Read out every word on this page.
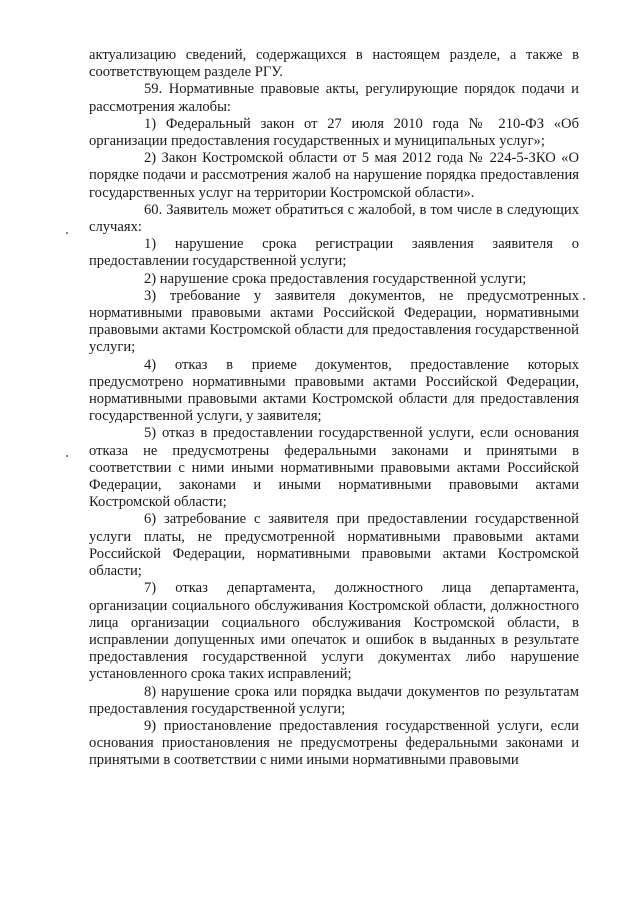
актуализацию сведений, содержащихся в настоящем разделе, а также в соответствующем разделе РГУ.

59. Нормативные правовые акты, регулирующие порядок подачи и рассмотрения жалобы:

1) Федеральный закон от 27 июля 2010 года № 210-ФЗ «Об организации предоставления государственных и муниципальных услуг»;

2) Закон Костромской области от 5 мая 2012 года № 224-5-ЗКО «О порядке подачи и рассмотрения жалоб на нарушение порядка предоставления государственных услуг на территории Костромской области».

60. Заявитель может обратиться с жалобой, в том числе в следующих случаях:

1) нарушение срока регистрации заявления заявителя о предоставлении государственной услуги;

2) нарушение срока предоставления государственной услуги;

3) требование у заявителя документов, не предусмотренных нормативными правовыми актами Российской Федерации, нормативными правовыми актами Костромской области для предоставления государственной услуги;

4) отказ в приеме документов, предоставление которых предусмотрено нормативными правовыми актами Российской Федерации, нормативными правовыми актами Костромской области для предоставления государственной услуги, у заявителя;

5) отказ в предоставлении государственной услуги, если основания отказа не предусмотрены федеральными законами и принятыми в соответствии с ними иными нормативными правовыми актами Российской Федерации, законами и иными нормативными правовыми актами Костромской области;

6) затребование с заявителя при предоставлении государственной услуги платы, не предусмотренной нормативными правовыми актами Российской Федерации, нормативными правовыми актами Костромской области;

7) отказ департамента, должностного лица департамента, организации социального обслуживания Костромской области, должностного лица организации социального обслуживания Костромской области, в исправлении допущенных ими опечаток и ошибок в выданных в результате предоставления государственной услуги документах либо нарушение установленного срока таких исправлений;

8) нарушение срока или порядка выдачи документов по результатам предоставления государственной услуги;

9) приостановление предоставления государственной услуги, если основания приостановления не предусмотрены федеральными законами и принятыми в соответствии с ними иными нормативными правовыми
